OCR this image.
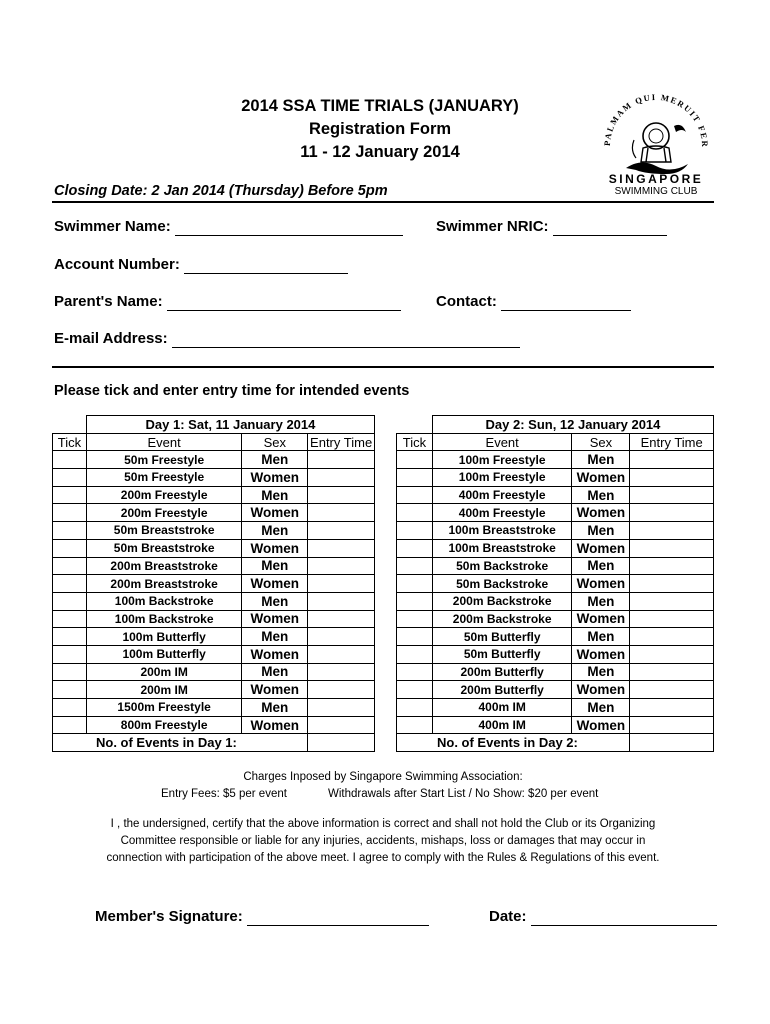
2014 SSA TIME TRIALS (JANUARY)
Registration Form
11 - 12 January 2014
PALMAM QUI MERUIT FER
SINGAPORE
SWIMMING CLUB
Closing Date: 2 Jan 2014 (Thursday) Before 5pm
Swimmer Name:	Swimmer NRIC:
Account Number:
Parent's Name:	Contact:
E-mail Address:
Please tick and enter entry time for intended events
	Day 1: Sat, 11 January 2014		
Tick	Event	Sex	Entry Time
	50m Freestyle	Men	
	50m Freestyle	Women	
	200m Freestyle	Men	
	200m Freestyle	Women	
	50m Breaststroke	Men	
	50m Breaststroke	Women	
	200m Breaststroke	Men	
	200m Breaststroke	Women	
	100m Backstroke	Men	
	100m Backstroke	Women	
	100m Butterfly	Men	
	100m Butterfly	Women	
	200m IM	Men	
	200m IM	Women	
	1500m Freestyle	Men	
	800m Freestyle	Women	
No. of Events in Day 1:			
	Day 2: Sun, 12 January 2014		
Tick	Event	Sex	Entry Time
	100m Freestyle	Men	
	100m Freestyle	Women	
	400m Freestyle	Men	
	400m Freestyle	Women	
	100m Breaststroke	Men	
	100m Breaststroke	Women	
	50m Backstroke	Men	
	50m Backstroke	Women	
	200m Backstroke	Men	
	200m Backstroke	Women	
	50m Butterfly	Men	
	50m Butterfly	Women	
	200m Butterfly	Men	
	200m Butterfly	Women	
	400m IM	Men	
	400m IM	Women	
No. of Events in Day 2:			
Charges Inposed by Singapore Swimming Association:
Entry Fees: $5 per event	Withdrawals after Start List / No Show: $20 per event
I , the undersigned, certify that the above information is correct and shall not hold the Club or its Organizing
Committee responsible or liable for any injuries, accidents, mishaps, loss or damages that may occur in
connection with participation of the above meet. I agree to comply with the Rules & Regulations of this event.
Member's Signature:	Date:
